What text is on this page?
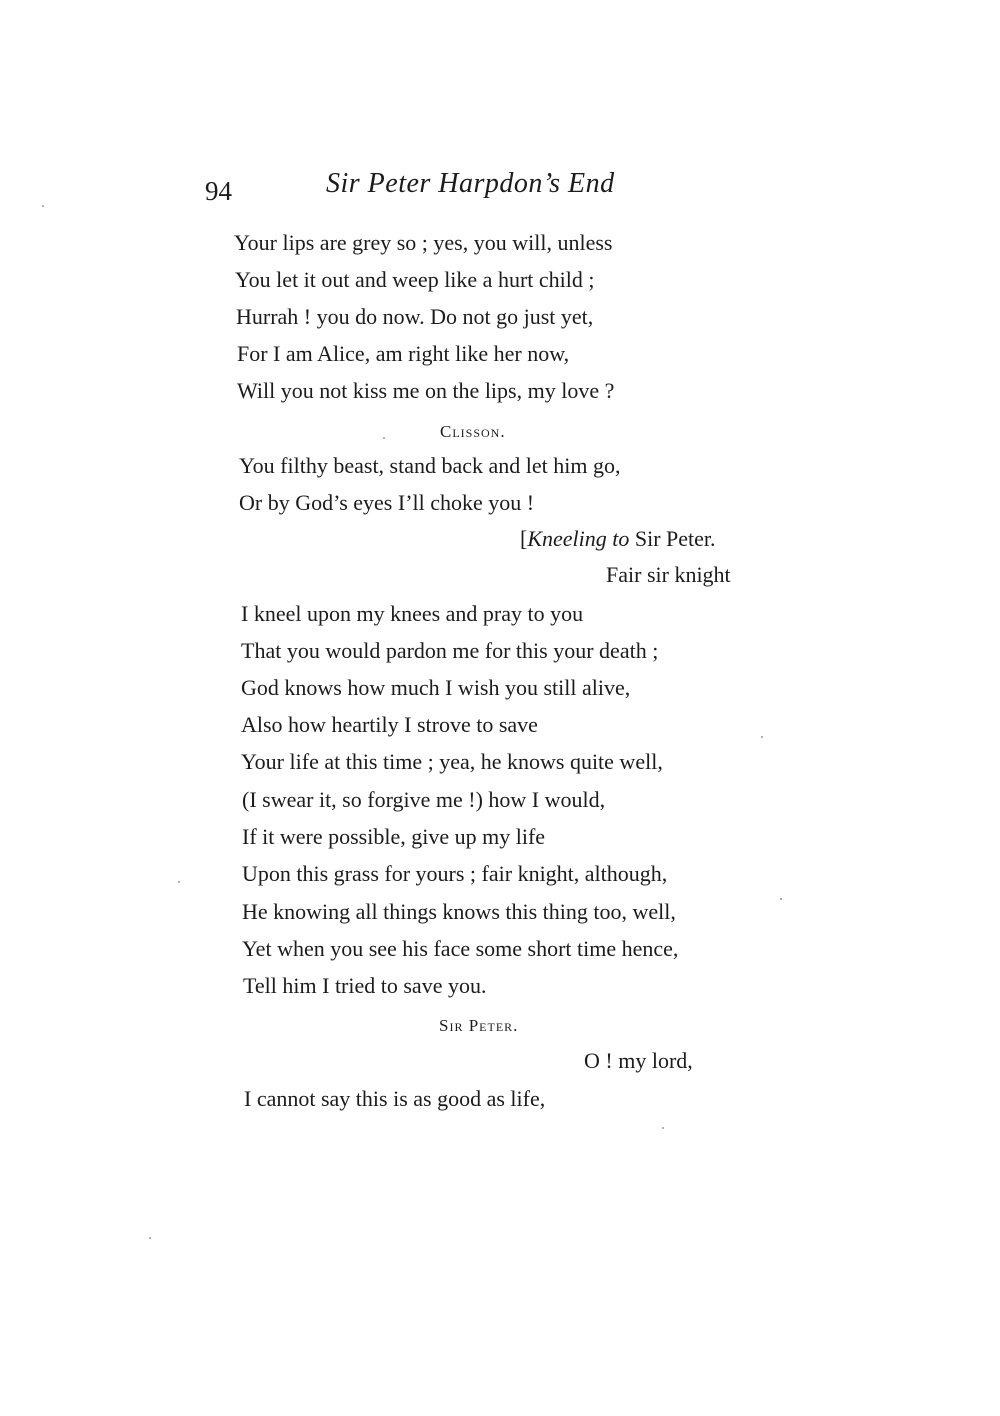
94	Sir Peter Harpdon’s End
Your lips are grey so ; yes, you will, unless
You let it out and weep like a hurt child ;
Hurrah ! you do now. Do not go just yet,
For I am Alice, am right like her now,
Will you not kiss me on the lips, my love ?
Clisson.
You filthy beast, stand back and let him go,
Or by God’s eyes I’ll choke you !
[Kneeling to Sir Peter.
Fair sir knight
I kneel upon my knees and pray to you
That you would pardon me for this your death ;
God knows how much I wish you still alive,
Also how heartily I strove to save
Your life at this time ; yea, he knows quite well,
(I swear it, so forgive me !) how I would,
If it were possible, give up my life
Upon this grass for yours ; fair knight, although,
He knowing all things knows this thing too, well,
Yet when you see his face some short time hence,
Tell him I tried to save you.
Sir Peter.
O ! my lord,
I cannot say this is as good as life,
